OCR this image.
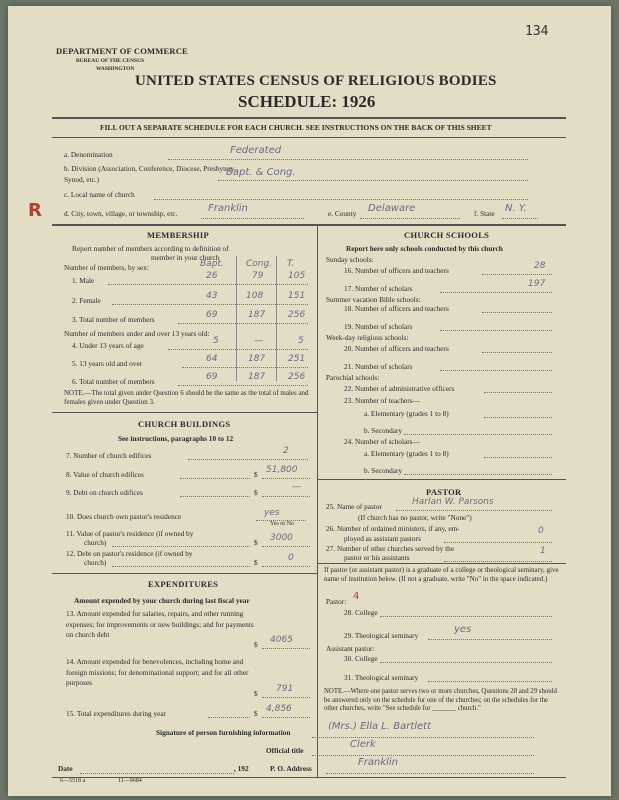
134
DEPARTMENT OF COMMERCE
BUREAU OF THE CENSUS
WASHINGTON
UNITED STATES CENSUS OF RELIGIOUS BODIES
SCHEDULE: 1926
FILL OUT A SEPARATE SCHEDULE FOR EACH CHURCH. SEE INSTRUCTIONS ON THE BACK OF THIS SHEET
a. Denomination	Federated
b. Division (Association, Conference, Diocese, Presbytery, Synod, etc.)
Bapt. & Cong.
c. Local name of church
R	d. City, town, village, or township, etc.	Franklin	e. County Delaware	f. State N. Y.
MEMBERSHIP
Report number of members according to definition of
member in your church
Number of members, by sex:	Bapt. Cong. T.
1. Male	26	79	105
2. Female	43	108	151
3. Total number of members	69	187	256
Number of members under and over 13 years old:
4. Under 13 years of age	5	—	5
5. 13 years old and over	64	187	251
6. Total number of members	69	187	256
NOTE.—The total given under Question 6 should be the same as the total of males and females given under Question 3.
CHURCH BUILDINGS
See instructions, paragraphs 10 to 12
7. Number of church edifices	2
8. Value of church edifices	$ 51,800
9. Debt on church edifices	$
—
10. Does church own pastor's residence	yes
Yes or No
11. Value of pastor's residence (if owned by
church)	$ 3000
12. Debt on pastor's residence (if owned by
church)	$	0
EXPENDITURES
Amount expended by your church during last fiscal year
13. Amount expended for salaries, repairs, and other running expenses; for improvements or new buildings; and for payments on church debt
$ 4065
14. Amount expended for benevolences, including home and foreign missions; for denominational support; and for all other purposes
$ 791
15. Total expenditures during year	$ 4,856
CHURCH SCHOOLS
Report here only schools conducted by this church
Sunday schools:
16. Number of officers and teachers	28
17. Number of scholars	197
Summer vacation Bible schools:
18. Number of officers and teachers
19. Number of scholars
Week-day religious schools:
20. Number of officers and teachers
21. Number of scholars
Parochial schools:
22. Number of administrative officers
23. Number of teachers—
a. Elementary (grades 1 to 8)
b. Secondary
24. Number of scholars—
a. Elementary (grades 1 to 8)
b. Secondary
PASTOR
25. Name of pastor	Harlan W. Parsons
(If church has no pastor, write "None")
26. Number of ordained ministers, if any, em-
ployed as assistant pastors
0
27. Number of other churches served by the
pastor or his assistants
1
If pastor (or assistant pastor) is a graduate of a college or theological seminary, give name of institution below. (If not a graduate, write "No" in the space indicated.)
Pastor: 4
28. College
29. Theological seminary
yes
Assistant pastor:
30. College
31. Theological seminary
NOTE.—Where one pastor serves two or more churches, Questions 28 and 29 should be answered only on the schedule for one of the churches; on the schedules for the other churches, write "See schedule for _______ church."
Signature of person furnishing information
(Mrs.) Ella L. Bartlett
Official title
Clerk
Date	, 192	P. O. Address
Franklin
6—5518 a	11—9684
